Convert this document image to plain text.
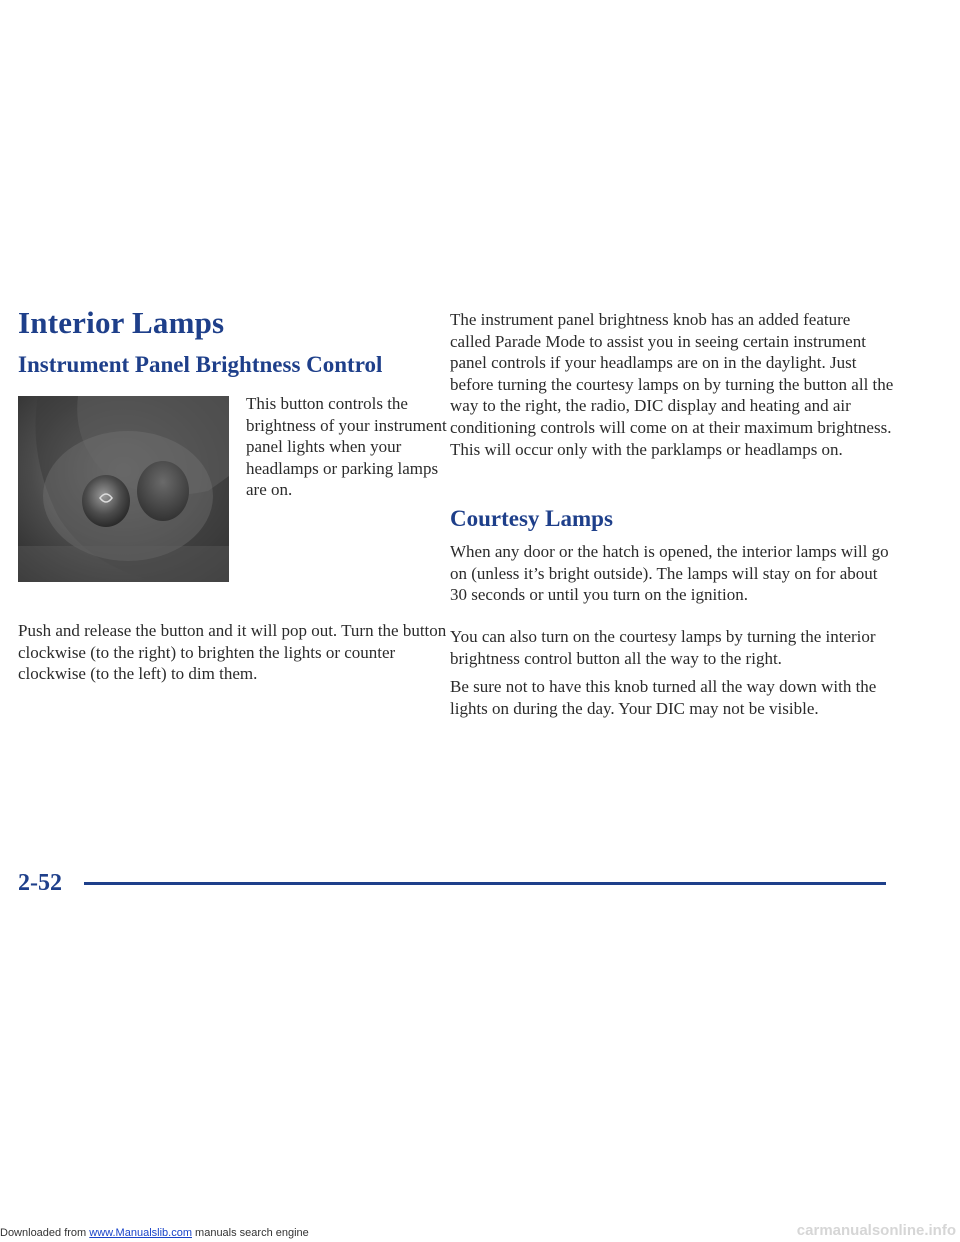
Interior Lamps
Instrument Panel Brightness Control

This button controls the brightness of your instrument panel lights when your headlamps or parking lamps are on.

Push and release the button and it will pop out. Turn the button clockwise (to the right) to brighten the lights or counter clockwise (to the left) to dim them.

The instrument panel brightness knob has an added feature called Parade Mode to assist you in seeing certain instrument panel controls if your headlamps are on in the daylight. Just before turning the courtesy lamps on by turning the button all the way to the right, the radio, DIC display and heating and air conditioning controls will come on at their maximum brightness. This will occur only with the parklamps or headlamps on.

Courtesy Lamps

When any door or the hatch is opened, the interior lamps will go on (unless it’s bright outside). The lamps will stay on for about 30 seconds or until you turn on the ignition.

You can also turn on the courtesy lamps by turning the interior brightness control button all the way to the right.

Be sure not to have this knob turned all the way down with the lights on during the day. Your DIC may not be visible.

2-52

Downloaded from www.Manualslib.com manuals search engine	carmanualsonline.info
